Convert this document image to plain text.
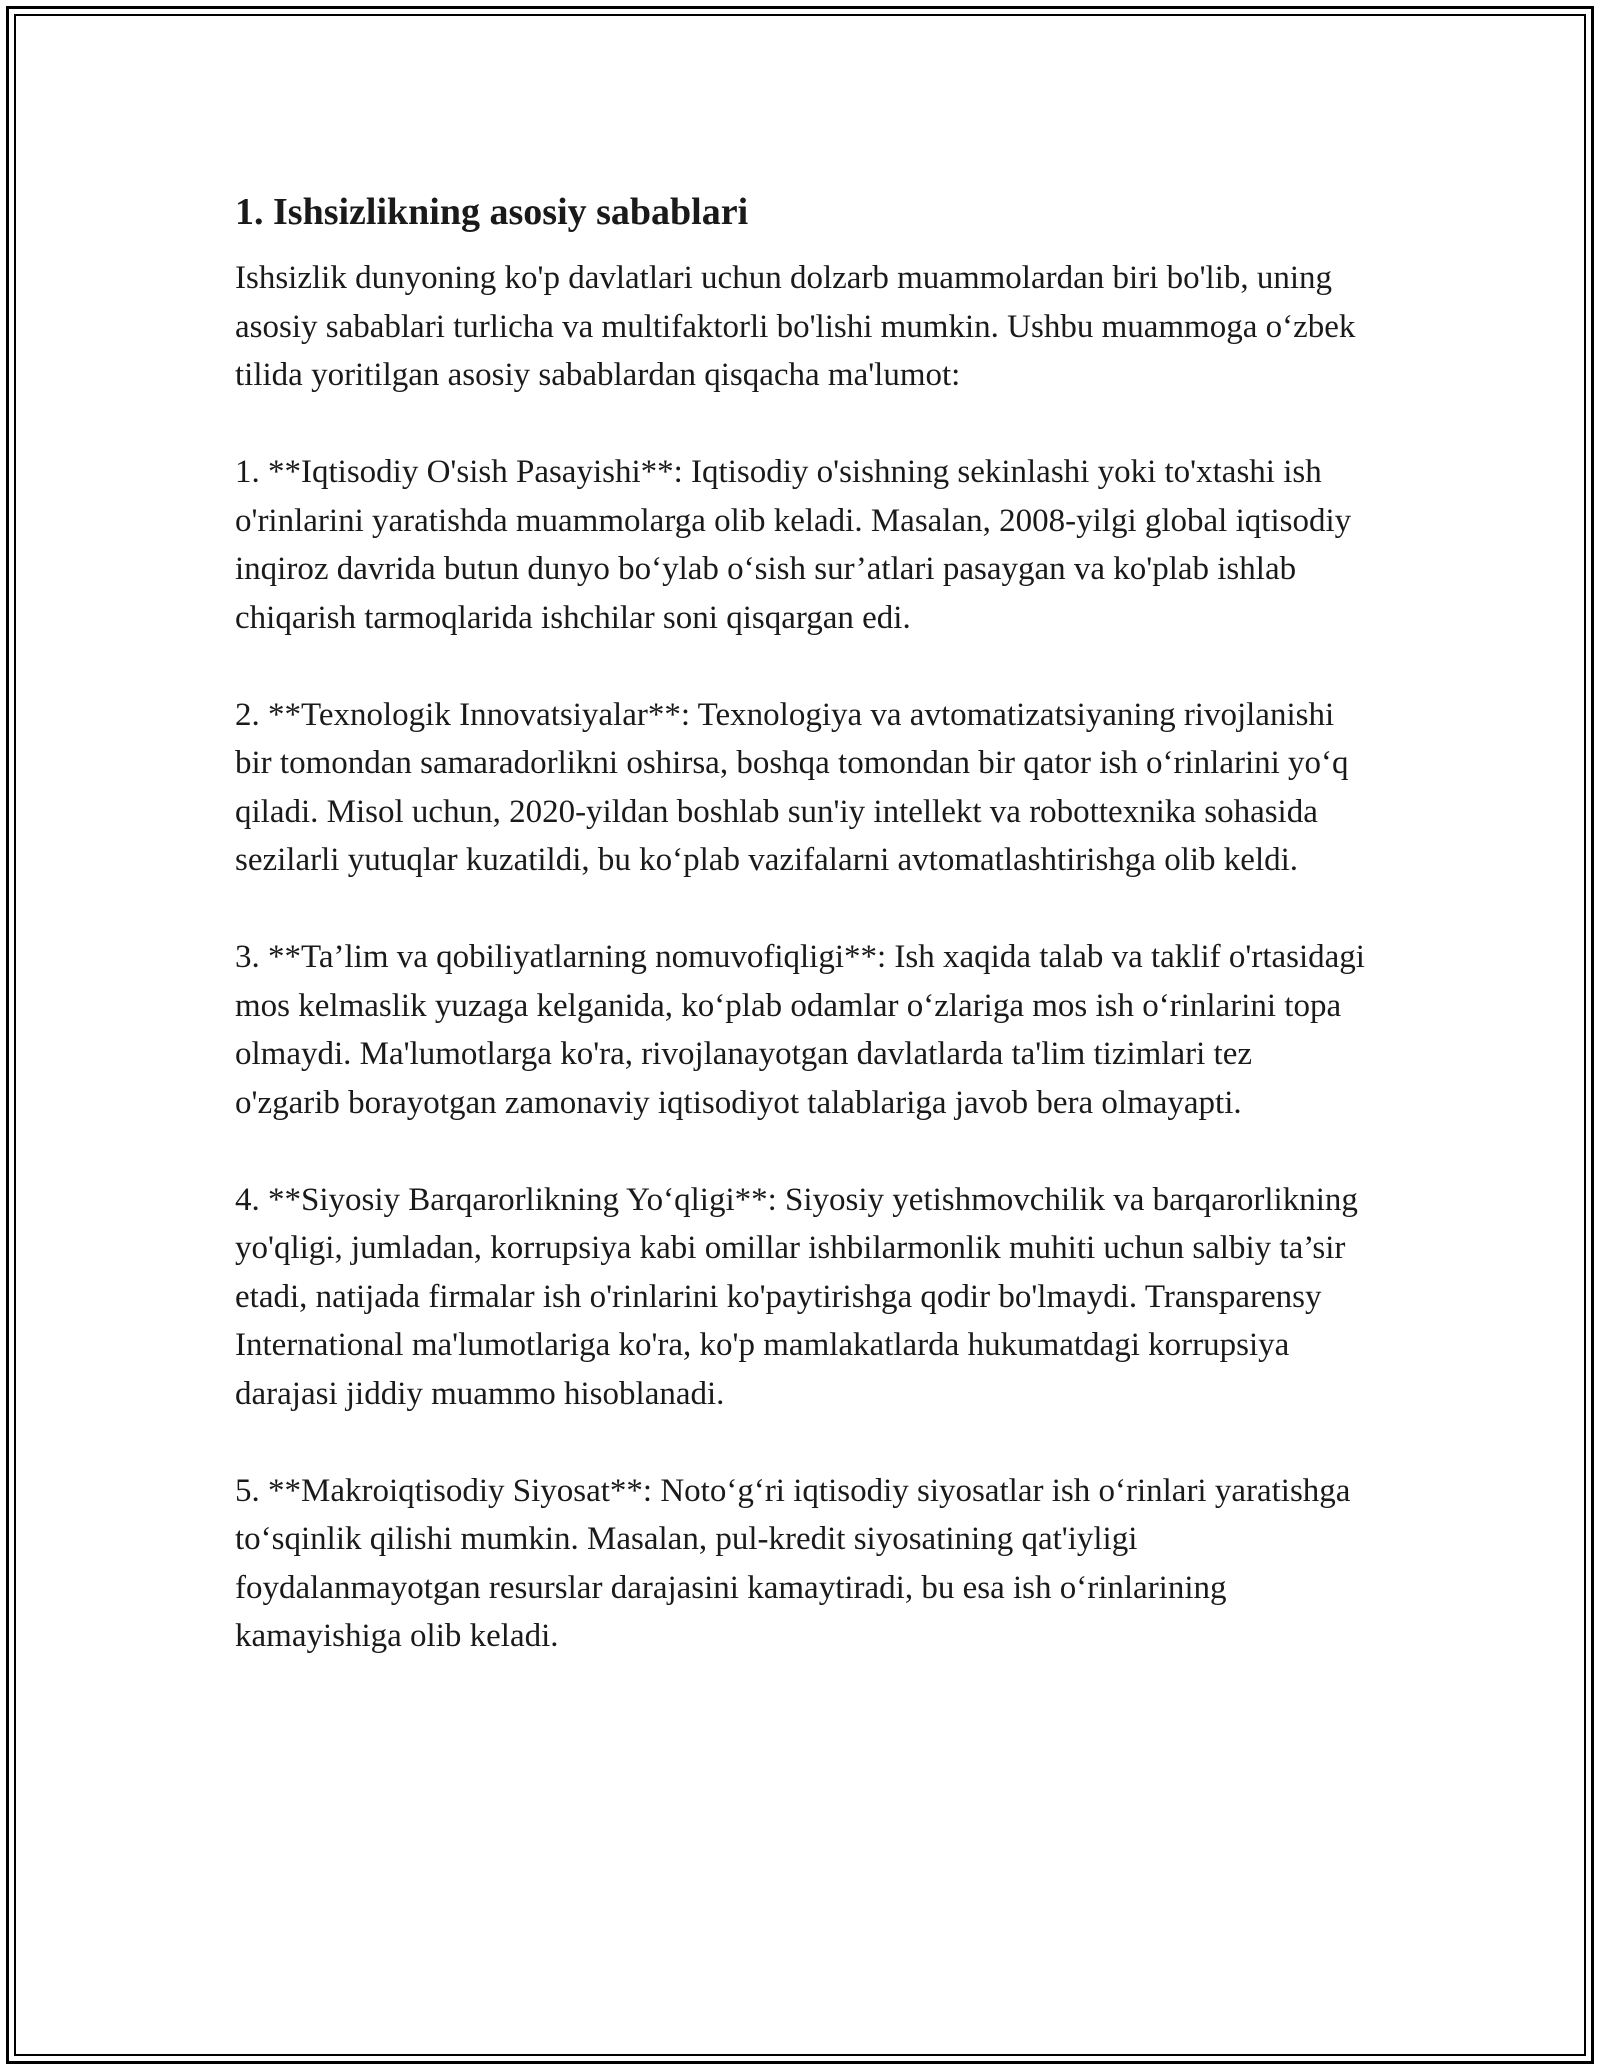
1. Ishsizlikning asosiy sabablari

Ishsizlik dunyoning ko'p davlatlari uchun dolzarb muammolardan biri bo'lib, uning asosiy sabablari turlicha va multifaktorli bo'lishi mumkin. Ushbu muammoga o‘zbek tilida yoritilgan asosiy sabablardan qisqacha ma'lumot:

1. **Iqtisodiy O'sish Pasayishi**: Iqtisodiy o'sishning sekinlashi yoki to'xtashi ish o'rinlarini yaratishda muammolarga olib keladi. Masalan, 2008-yilgi global iqtisodiy inqiroz davrida butun dunyo bo‘ylab o‘sish sur’atlari pasaygan va ko'plab ishlab chiqarish tarmoqlarida ishchilar soni qisqargan edi.

2. **Texnologik Innovatsiyalar**: Texnologiya va avtomatizatsiyaning rivojlanishi bir tomondan samaradorlikni oshirsa, boshqa tomondan bir qator ish o‘rinlarini yo‘q qiladi. Misol uchun, 2020-yildan boshlab sun'iy intellekt va robottexnika sohasida sezilarli yutuqlar kuzatildi, bu ko‘plab vazifalarni avtomatlashtirishga olib keldi.

3. **Ta’lim va qobiliyatlarning nomuvofiqligi**: Ish xaqida talab va taklif o'rtasidagi mos kelmaslik yuzaga kelganida, ko‘plab odamlar o‘zlariga mos ish o‘rinlarini topa olmaydi. Ma'lumotlarga ko'ra, rivojlanayotgan davlatlarda ta'lim tizimlari tez o'zgarib borayotgan zamonaviy iqtisodiyot talablariga javob bera olmayapti.

4. **Siyosiy Barqarorlikning Yo‘qligi**: Siyosiy yetishmovchilik va barqarorlikning yo'qligi, jumladan, korrupsiya kabi omillar ishbilarmonlik muhiti uchun salbiy ta’sir etadi, natijada firmalar ish o'rinlarini ko'paytirishga qodir bo'lmaydi. Transparensy International ma'lumotlariga ko'ra, ko'p mamlakatlarda hukumatdagi korrupsiya darajasi jiddiy muammo hisoblanadi.

5. **Makroiqtisodiy Siyosat**: Noto‘g‘ri iqtisodiy siyosatlar ish o‘rinlari yaratishga to‘sqinlik qilishi mumkin. Masalan, pul-kredit siyosatining qat'iyligi foydalanmayotgan resurslar darajasini kamaytiradi, bu esa ish o‘rinlarining kamayishiga olib keladi.
